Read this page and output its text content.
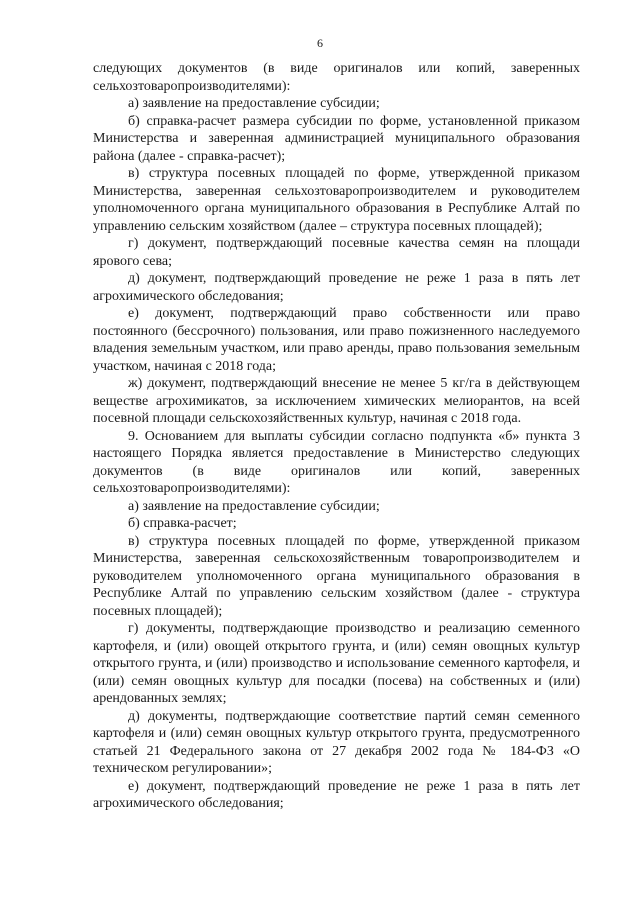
6

следующих документов (в виде оригиналов или копий, заверенных сельхозтоваропроизводителями):

а) заявление на предоставление субсидии;

б) справка-расчет размера субсидии по форме, установленной приказом Министерства и заверенная администрацией муниципального образования района (далее - справка-расчет);

в) структура посевных площадей по форме, утвержденной приказом Министерства, заверенная сельхозтоваропроизводителем и руководителем уполномоченного органа муниципального образования в Республике Алтай по управлению сельским хозяйством (далее – структура посевных площадей);

г) документ, подтверждающий посевные качества семян на площади ярового сева;

д) документ, подтверждающий проведение не реже 1 раза в пять лет агрохимического обследования;

е) документ, подтверждающий право собственности или право постоянного (бессрочного) пользования, или право пожизненного наследуемого владения земельным участком, или право аренды, право пользования земельным участком, начиная с 2018 года;

ж) документ, подтверждающий внесение не менее 5 кг/га в действующем веществе агрохимикатов, за исключением химических мелиорантов, на всей посевной площади сельскохозяйственных культур, начиная с 2018 года.

9. Основанием для выплаты субсидии согласно подпункта «б» пункта 3 настоящего Порядка является предоставление в Министерство следующих документов (в виде оригиналов или копий, заверенных сельхозтоваропроизводителями):

а) заявление на предоставление субсидии;

б) справка-расчет;

в) структура посевных площадей по форме, утвержденной приказом Министерства, заверенная сельскохозяйственным товаропроизводителем и руководителем уполномоченного органа муниципального образования в Республике Алтай по управлению сельским хозяйством (далее - структура посевных площадей);

г) документы, подтверждающие производство и реализацию семенного картофеля, и (или) овощей открытого грунта, и (или) семян овощных культур открытого грунта, и (или) производство и использование семенного картофеля, и (или) семян овощных культур для посадки (посева) на собственных и (или) арендованных землях;

д) документы, подтверждающие соответствие партий семян семенного картофеля и (или) семян овощных культур открытого грунта, предусмотренного статьей 21 Федерального закона от 27 декабря 2002 года № 184-ФЗ «О техническом регулировании»;

е) документ, подтверждающий проведение не реже 1 раза в пять лет агрохимического обследования;
